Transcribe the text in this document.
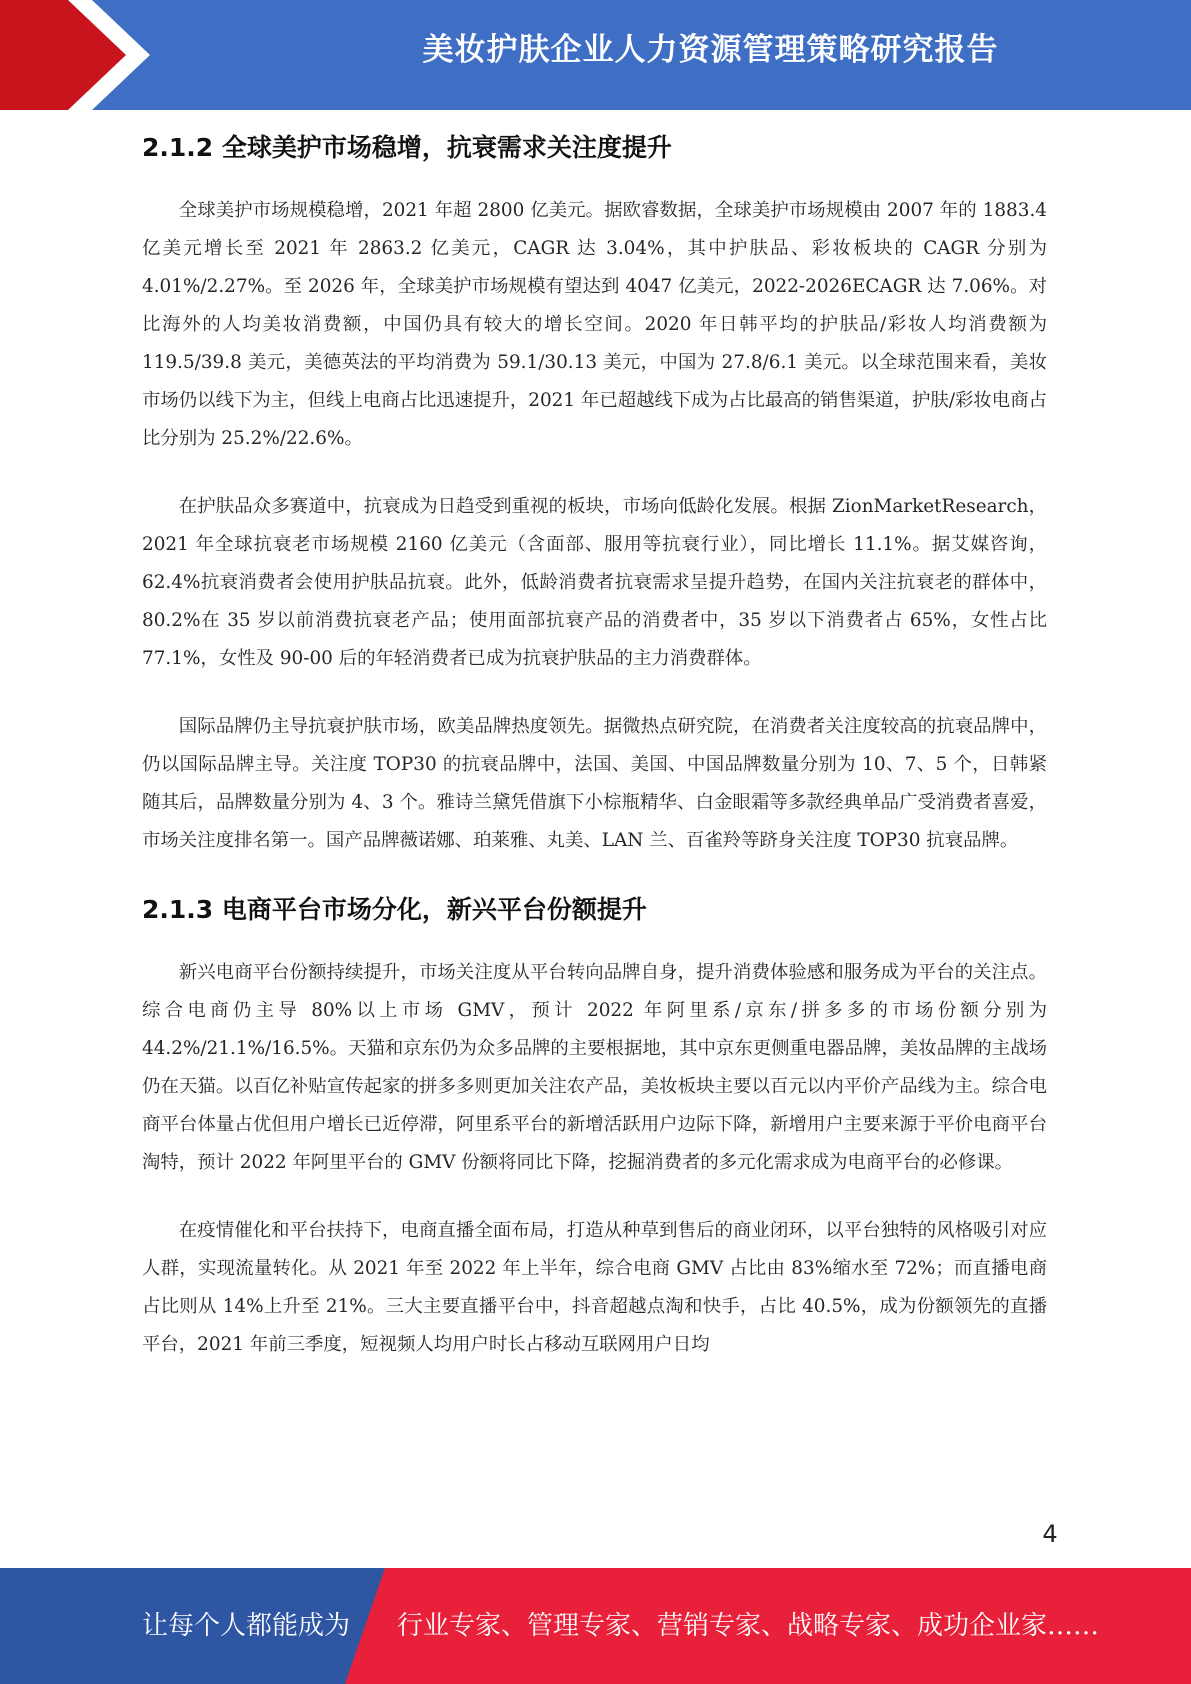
美妆护肤企业人力资源管理策略研究报告
2.1.2 全球美护市场稳增，抗衰需求关注度提升

全球美护市场规模稳增，2021 年超 2800 亿美元。据欧睿数据，全球美护市场规模由 2007 年的 1883.4 亿美元增长至 2021 年 2863.2 亿美元，CAGR 达 3.04%，其中护肤品、彩妆板块的 CAGR 分别为 4.01%/2.27%。至 2026 年，全球美护市场规模有望达到 4047 亿美元，2022-2026ECAGR 达 7.06%。对比海外的人均美妆消费额，中国仍具有较大的增长空间。2020 年日韩平均的护肤品/彩妆人均消费额为 119.5/39.8 美元，美德英法的平均消费为 59.1/30.13 美元，中国为 27.8/6.1 美元。以全球范围来看，美妆市场仍以线下为主，但线上电商占比迅速提升，2021 年已超越线下成为占比最高的销售渠道，护肤/彩妆电商占比分别为 25.2%/22.6%。

在护肤品众多赛道中，抗衰成为日趋受到重视的板块，市场向低龄化发展。根据 ZionMarketResearch，2021 年全球抗衰老市场规模 2160 亿美元（含面部、服用等抗衰行业），同比增长 11.1%。据艾媒咨询，62.4%抗衰消费者会使用护肤品抗衰。此外，低龄消费者抗衰需求呈提升趋势，在国内关注抗衰老的群体中，80.2%在 35 岁以前消费抗衰老产品；使用面部抗衰产品的消费者中，35 岁以下消费者占 65%，女性占比 77.1%，女性及 90-00 后的年轻消费者已成为抗衰护肤品的主力消费群体。

国际品牌仍主导抗衰护肤市场，欧美品牌热度领先。据微热点研究院，在消费者关注度较高的抗衰品牌中，仍以国际品牌主导。关注度 TOP30 的抗衰品牌中，法国、美国、中国品牌数量分别为 10、7、5 个，日韩紧随其后，品牌数量分别为 4、3 个。雅诗兰黛凭借旗下小棕瓶精华、白金眼霜等多款经典单品广受消费者喜爱，市场关注度排名第一。国产品牌薇诺娜、珀莱雅、丸美、LAN 兰、百雀羚等跻身关注度 TOP30 抗衰品牌。

2.1.3 电商平台市场分化，新兴平台份额提升

新兴电商平台份额持续提升，市场关注度从平台转向品牌自身，提升消费体验感和服务成为平台的关注点。综合电商仍主导 80%以上市场 GMV，预计 2022 年阿里系/京东/拼多多的市场份额分别为 44.2%/21.1%/16.5%。天猫和京东仍为众多品牌的主要根据地，其中京东更侧重电器品牌，美妆品牌的主战场仍在天猫。以百亿补贴宣传起家的拼多多则更加关注农产品，美妆板块主要以百元以内平价产品线为主。综合电商平台体量占优但用户增长已近停滞，阿里系平台的新增活跃用户边际下降，新增用户主要来源于平价电商平台淘特，预计 2022 年阿里平台的 GMV 份额将同比下降，挖掘消费者的多元化需求成为电商平台的必修课。

在疫情催化和平台扶持下，电商直播全面布局，打造从种草到售后的商业闭环，以平台独特的风格吸引对应人群，实现流量转化。从 2021 年至 2022 年上半年，综合电商 GMV 占比由 83%缩水至 72%；而直播电商占比则从 14%上升至 21%。三大主要直播平台中，抖音超越点淘和快手，占比 40.5%，成为份额领先的直播平台，2021 年前三季度，短视频人均用户时长占移动互联网用户日均

4
让每个人都能成为 行业专家、管理专家、营销专家、战略专家、成功企业家……
